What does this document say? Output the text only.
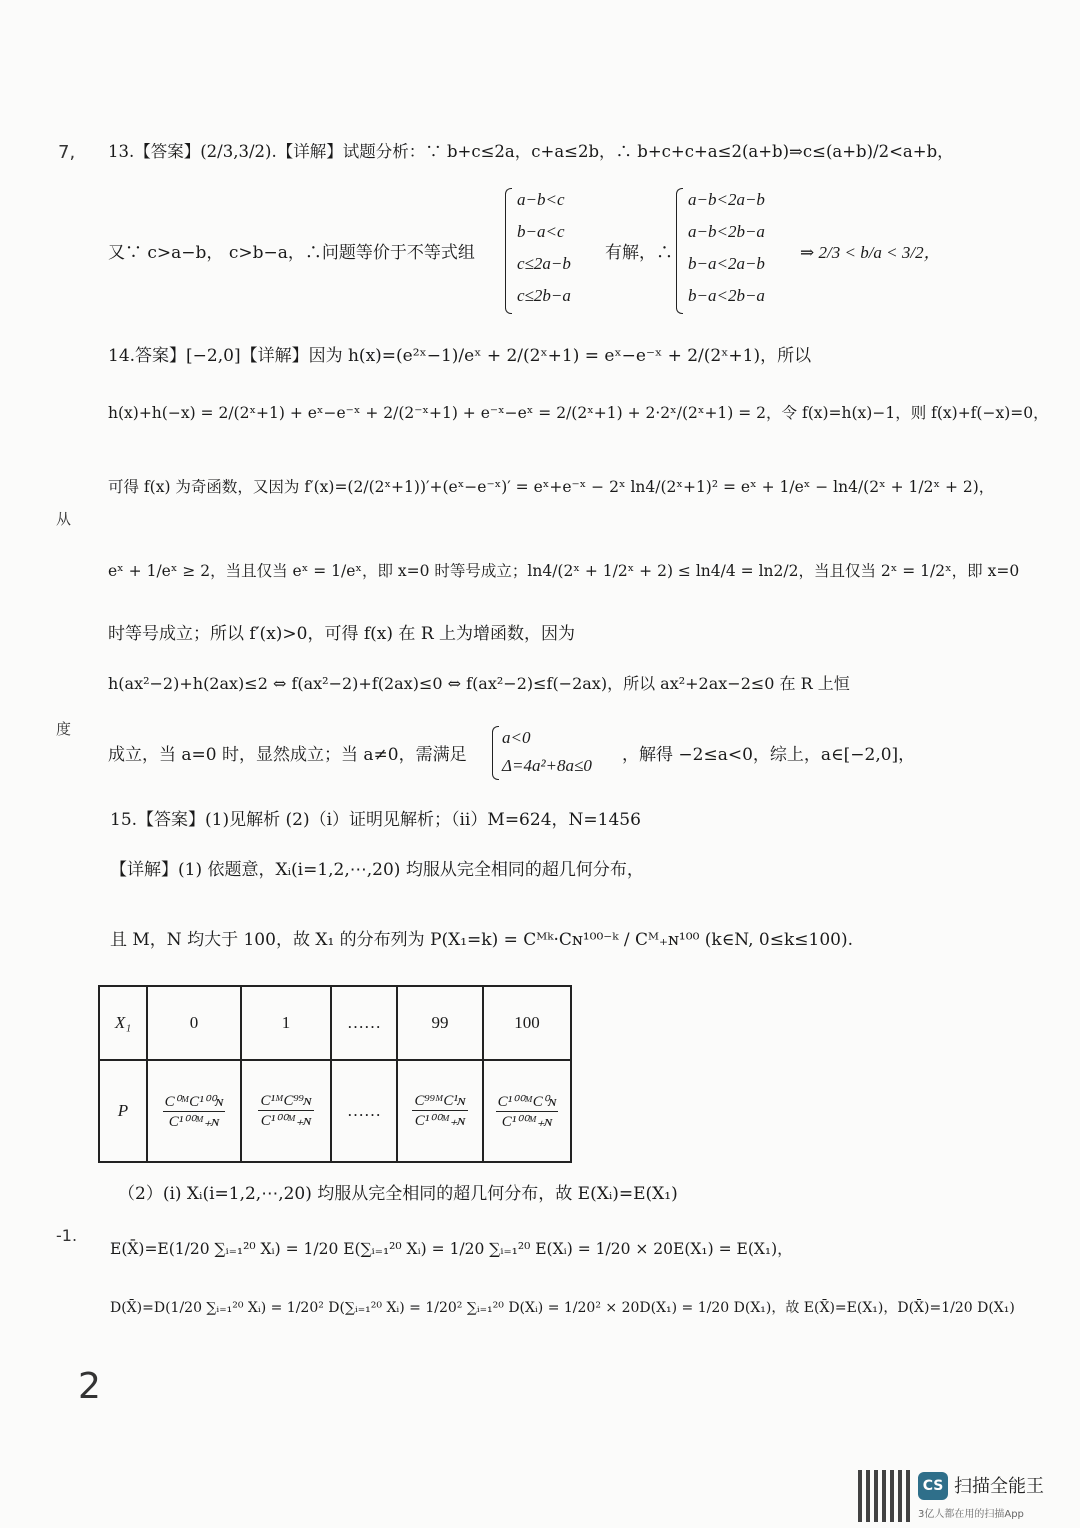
7,
从
度
-1.
2
13.【答案】(2/3,3/2).【详解】试题分析：∵ b+c≤2a，c+a≤2b，∴ b+c+c+a≤2(a+b)⇒c≤(a+b)/2<a+b，
又∵ c>a−b， c>b−a，∴问题等价于不等式组
a−b<c
b−a<c
c≤2a−b
c≤2b−a
有解，∴
a−b<2a−b
a−b<2b−a
b−a<2a−b
b−a<2b−a
⇒ 2/3 < b/a < 3/2，
14.答案】[−2,0]【详解】因为 h(x)=(e²ˣ−1)/eˣ + 2/(2ˣ+1) = eˣ−e⁻ˣ + 2/(2ˣ+1)，所以
h(x)+h(−x) = 2/(2ˣ+1) + eˣ−e⁻ˣ + 2/(2⁻ˣ+1) + e⁻ˣ−eˣ = 2/(2ˣ+1) + 2·2ˣ/(2ˣ+1) = 2，令 f(x)=h(x)−1，则 f(x)+f(−x)=0，
可得 f(x) 为奇函数，又因为 f′(x)=(2/(2ˣ+1))′+(eˣ−e⁻ˣ)′ = eˣ+e⁻ˣ − 2ˣ ln4/(2ˣ+1)² = eˣ + 1/eˣ − ln4/(2ˣ + 1/2ˣ + 2)，
eˣ + 1/eˣ ≥ 2，当且仅当 eˣ = 1/eˣ，即 x=0 时等号成立；ln4/(2ˣ + 1/2ˣ + 2) ≤ ln4/4 = ln2/2，当且仅当 2ˣ = 1/2ˣ，即 x=0
时等号成立；所以 f′(x)>0，可得 f(x) 在 R 上为增函数，因为
h(ax²−2)+h(2ax)≤2 ⇔ f(ax²−2)+f(2ax)≤0 ⇔ f(ax²−2)≤f(−2ax)，所以 ax²+2ax−2≤0 在 R 上恒
成立，当 a=0 时，显然成立；当 a≠0，需满足
a<0
Δ=4a²+8a≤0
，解得 −2≤a<0，综上，a∈[−2,0]，
15.【答案】(1)见解析 (2)（ⅰ）证明见解析；（ⅱ）M=624，N=1456
【详解】(1) 依题意，Xᵢ(i=1,2,⋯,20) 均服从完全相同的超几何分布，
且 M，N 均大于 100，故 X₁ 的分布列为 P(X₁=k) = Cᴹᵏ·Cɴ¹⁰⁰⁻ᵏ / Cᴹ₊ɴ¹⁰⁰ (k∈N, 0≤k≤100).
X₁	0	1	……	99	100
P	$\frac{\text{C⁰ᴹC¹⁰⁰ɴ}}{\text{C¹⁰⁰ᴹ₊ɴ}}$	$\frac{\text{C¹ᴹC⁹⁹ɴ}}{\text{C¹⁰⁰ᴹ₊ɴ}}$	……	$\frac{\text{C⁹⁹ᴹC¹ɴ}}{\text{C¹⁰⁰ᴹ₊ɴ}}$	$\frac{\text{C¹⁰⁰ᴹC⁰ɴ}}{\text{C¹⁰⁰ᴹ₊ɴ}}$
（2）(i) Xᵢ(i=1,2,⋯,20) 均服从完全相同的超几何分布，故 E(Xᵢ)=E(X₁)
E(X̄)=E(1/20 ∑ᵢ₌₁²⁰ Xᵢ) = 1/20 E(∑ᵢ₌₁²⁰ Xᵢ) = 1/20 ∑ᵢ₌₁²⁰ E(Xᵢ) = 1/20 × 20E(X₁) = E(X₁)，
D(X̄)=D(1/20 ∑ᵢ₌₁²⁰ Xᵢ) = 1/20² D(∑ᵢ₌₁²⁰ Xᵢ) = 1/20² ∑ᵢ₌₁²⁰ D(Xᵢ) = 1/20² × 20D(X₁) = 1/20 D(X₁)，故 E(X̄)=E(X₁)，D(X̄)=1/20 D(X₁)
CS 扫描全能王
3亿人都在用的扫描App
